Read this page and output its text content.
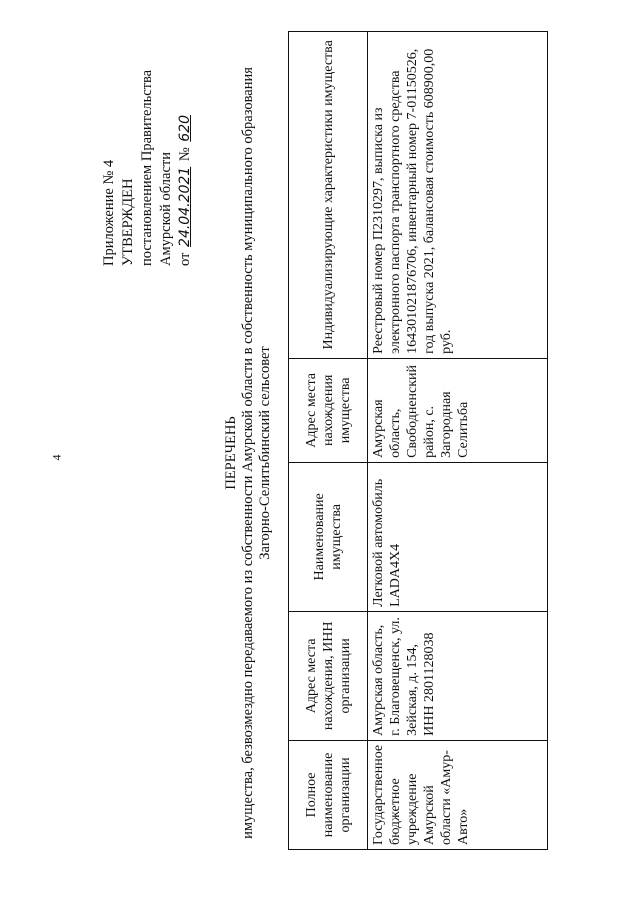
4
Приложение № 4 УТВЕРЖДЕН постановлением Правительства Амурской области от 24.04.2021 № 620
ПЕРЕЧЕНЬ имущества, безвозмездно передаваемого из собственности Амурской области в собственность муниципального образования Загорно-Селитьбинский сельсовет
Полное наименование организации	Адрес места нахождения, ИНН организации	Наименование имущества	Адрес места нахождения имущества	Индивидуализирующие характеристики имущества
Государственное бюджетное учреждение Амурской области «Амур-Авто»	Амурская область, г. Благовещенск, ул. Зейская, д. 154, ИНН 2801128038	Легковой автомобиль LADA4X4	Амурская область, Свободненский район, с. Загородная Селитьба	Реестровый номер П2310297, выписка из электронного паспорта транспортного средства 164301021876706, инвентарный номер 7-01150526, год выпуска 2021, балансовая стоимость 608900,00 руб.
